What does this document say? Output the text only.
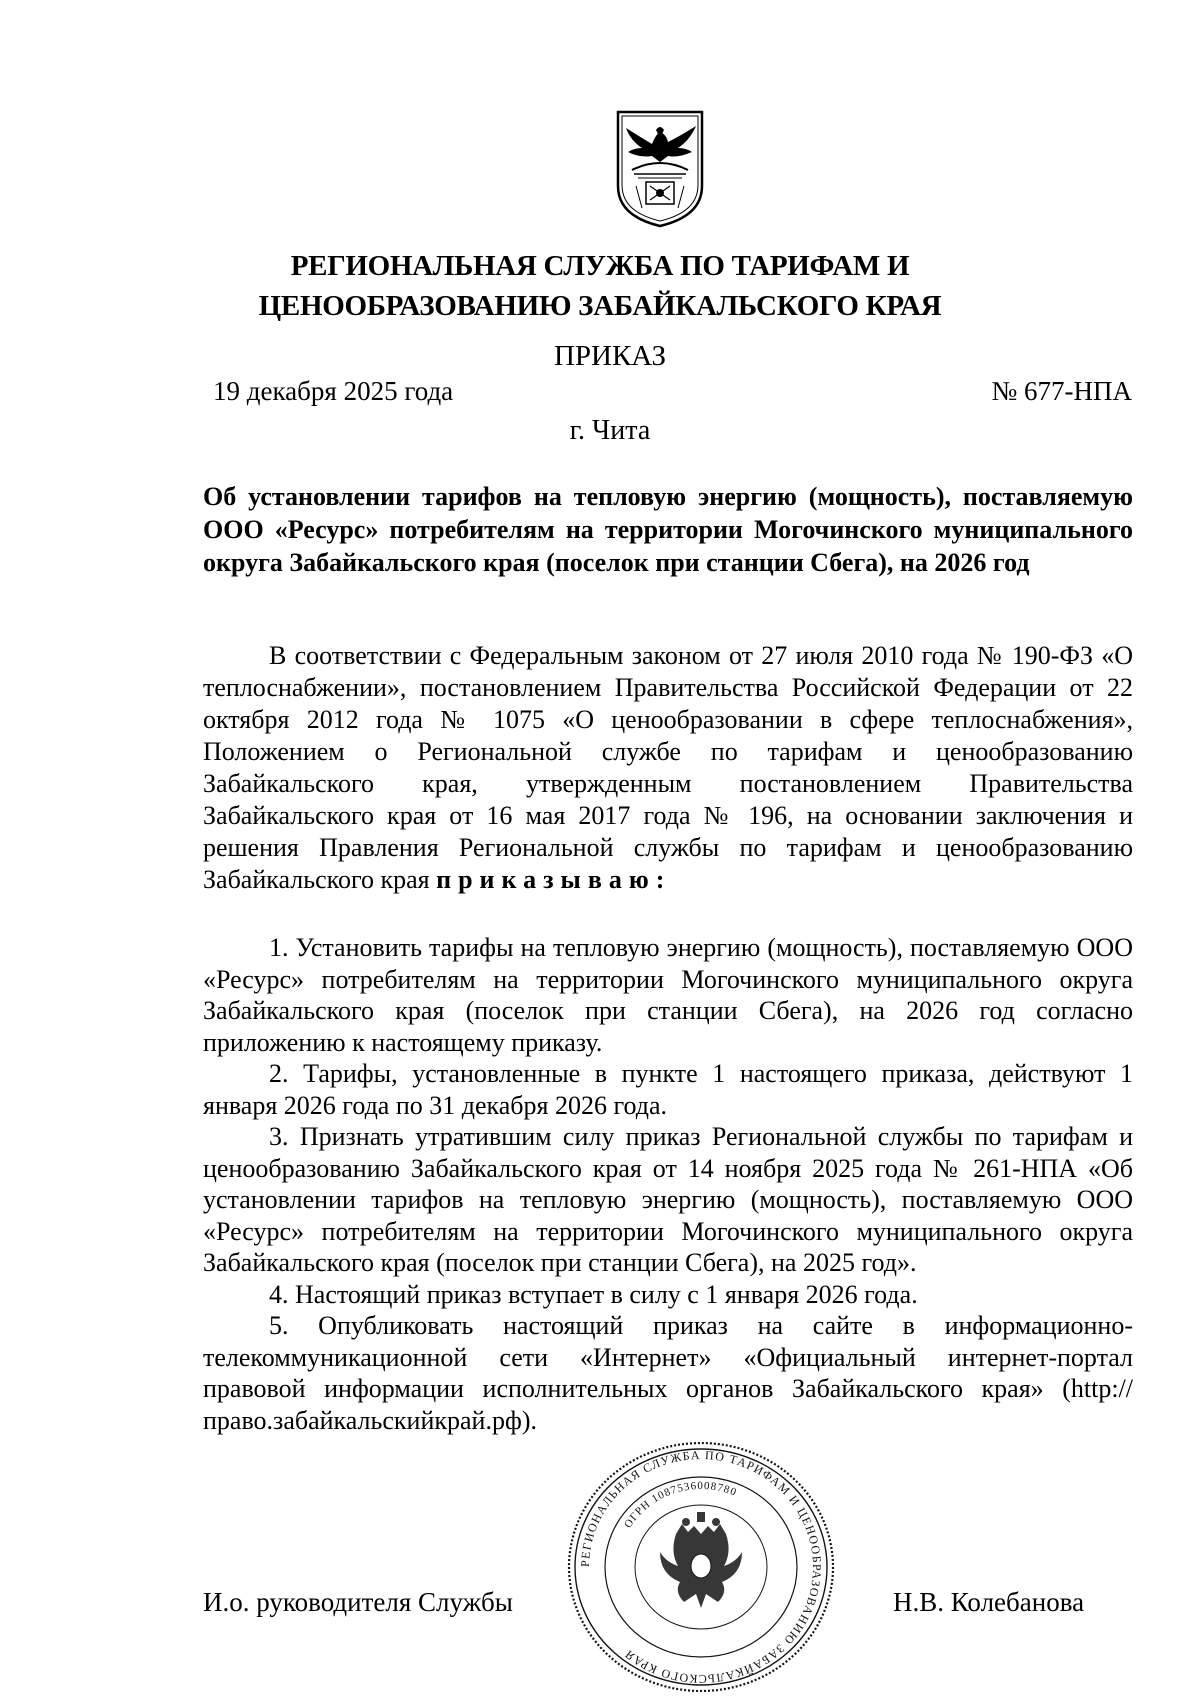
РЕГИОНАЛЬНАЯ СЛУЖБА ПО ТАРИФАМ И
ЦЕНООБРАЗОВАНИЮ ЗАБАЙКАЛЬСКОГО КРАЯ
ПРИКАЗ
19 декабря 2025 года	№ 677-НПА
г. Чита
Об установлении тарифов на тепловую энергию (мощность), поставляемую ООО «Ресурс» потребителям на территории Могочинского муниципального округа Забайкальского края (поселок при станции Сбега), на 2026 год
В соответствии с Федеральным законом от 27 июля 2010 года № 190-ФЗ «О теплоснабжении», постановлением Правительства Российской Федерации от 22 октября 2012 года № 1075 «О ценообразовании в сфере теплоснабжения», Положением о Региональной службе по тарифам и ценообразованию Забайкальского края, утвержденным постановлением Правительства Забайкальского края от 16 мая 2017 года № 196, на основании заключения и решения Правления Региональной службы по тарифам и ценообразованию Забайкальского края приказываю:

1. Установить тарифы на тепловую энергию (мощность), поставляемую ООО «Ресурс» потребителям на территории Могочинского муниципального округа Забайкальского края (поселок при станции Сбега), на 2026 год согласно приложению к настоящему приказу.

2. Тарифы, установленные в пункте 1 настоящего приказа, действуют 1 января 2026 года по 31 декабря 2026 года.

3. Признать утратившим силу приказ Региональной службы по тарифам и ценообразованию Забайкальского края от 14 ноября 2025 года № 261-НПА «Об установлении тарифов на тепловую энергию (мощность), поставляемую ООО «Ресурс» потребителям на территории Могочинского муниципального округа Забайкальского края (поселок при станции Сбега), на 2025 год».

4. Настоящий приказ вступает в силу с 1 января 2026 года.

5. Опубликовать настоящий приказ на сайте в информационно-телекоммуникационной сети «Интернет» «Официальный интернет-портал правовой информации исполнительных органов Забайкальского края» (http://право.забайкальскийкрай.рф).

РЕГИОНАЛЬНАЯ СЛУЖБА ПО ТАРИФАМ И ЦЕНООБРАЗОВАНИЮ ЗАБАЙКАЛЬСКОГО КРАЯ
ОГРН 1087536008780
И.о. руководителя Службы	Н.В. Колебанова
